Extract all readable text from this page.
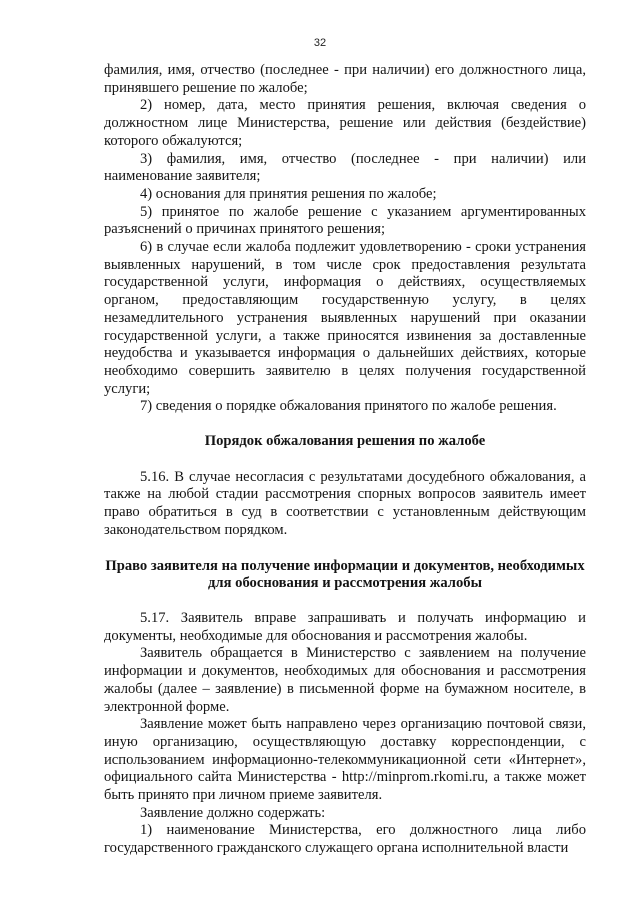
32

фамилия, имя, отчество (последнее - при наличии) его должностного лица, принявшего решение по жалобе;

2) номер, дата, место принятия решения, включая сведения о должностном лице Министерства, решение или действия (бездействие) которого обжалуются;

3) фамилия, имя, отчество (последнее - при наличии) или наименование заявителя;

4) основания для принятия решения по жалобе;

5) принятое по жалобе решение с указанием аргументированных разъяснений о причинах принятого решения;

6) в случае если жалоба подлежит удовлетворению - сроки устранения выявленных нарушений, в том числе срок предоставления результата государственной услуги, информация о действиях, осуществляемых органом, предоставляющим государственную услугу, в целях незамедлительного устранения выявленных нарушений при оказании государственной услуги, а также приносятся извинения за доставленные неудобства и указывается информация о дальнейших действиях, которые необходимо совершить заявителю в целях получения государственной услуги;

7) сведения о порядке обжалования принятого по жалобе решения.

Порядок обжалования решения по жалобе

5.16. В случае несогласия с результатами досудебного обжалования, а также на любой стадии рассмотрения спорных вопросов заявитель имеет право обратиться в суд в соответствии с установленным действующим законодательством порядком.

Право заявителя на получение информации и документов, необходимых для обоснования и рассмотрения жалобы

5.17. Заявитель вправе запрашивать и получать информацию и документы, необходимые для обоснования и рассмотрения жалобы.

Заявитель обращается в Министерство с заявлением на получение информации и документов, необходимых для обоснования и рассмотрения жалобы (далее – заявление) в письменной форме на бумажном носителе, в электронной форме.

Заявление может быть направлено через организацию почтовой связи, иную организацию, осуществляющую доставку корреспонденции, с использованием информационно-телекоммуникационной сети «Интернет», официального сайта Министерства - http://minprom.rkomi.ru, а также может быть принято при личном приеме заявителя.

Заявление должно содержать:

1) наименование Министерства, его должностного лица либо государственного гражданского служащего органа исполнительной власти
